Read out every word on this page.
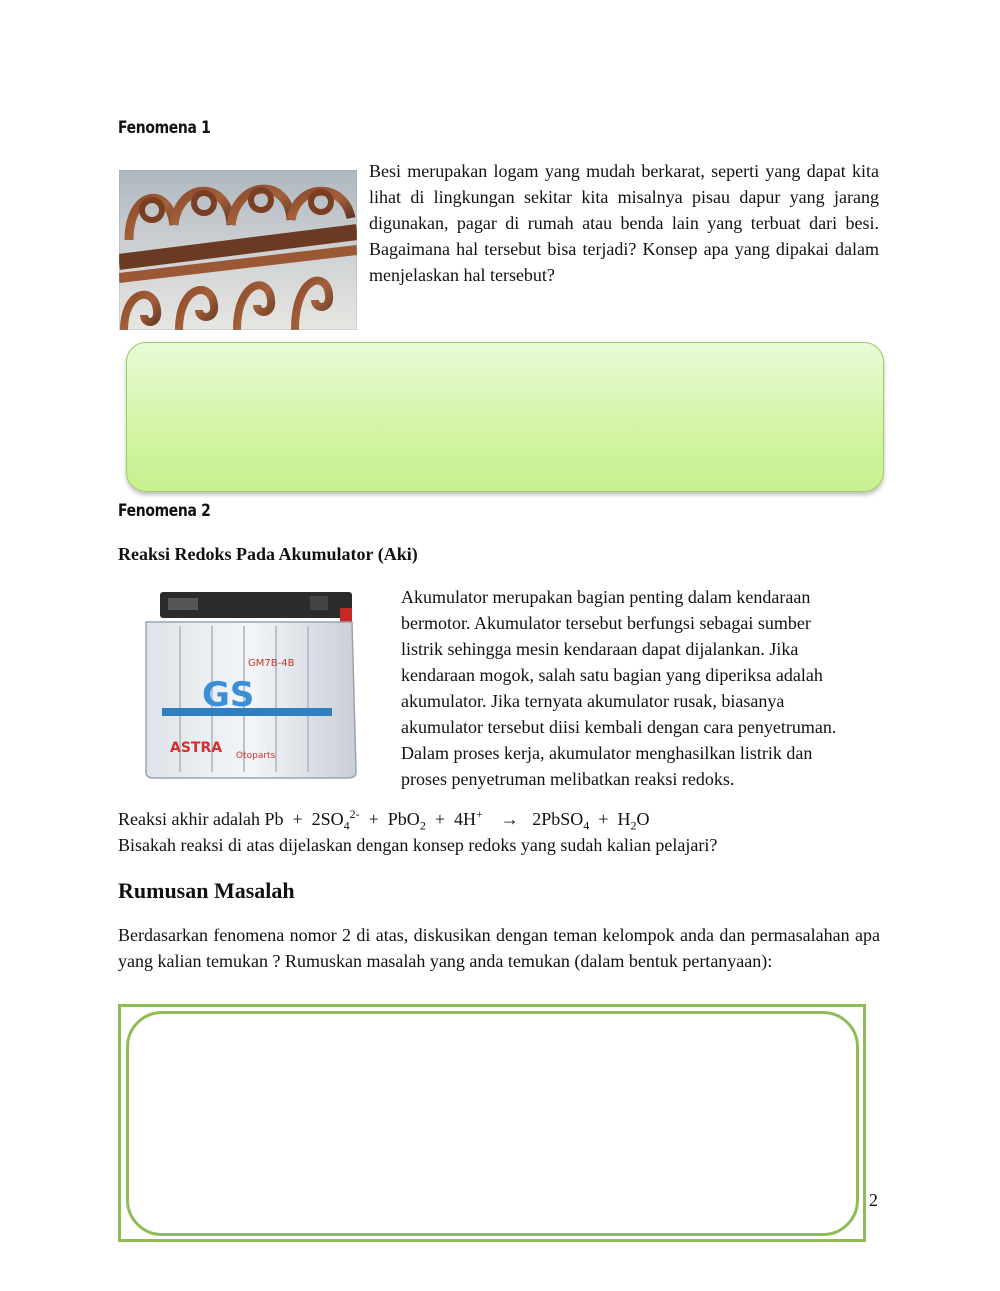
Fenomena 1
Besi merupakan logam yang mudah berkarat, seperti yang dapat kita lihat di lingkungan sekitar kita misalnya pisau dapur yang jarang digunakan, pagar di rumah atau benda lain yang terbuat dari besi. Bagaimana hal tersebut bisa terjadi? Konsep apa yang dipakai dalam menjelaskan hal tersebut?
Fenomena 2
Reaksi Redoks Pada Akumulator (Aki)
GS
GM7B-4B
ASTRA Otoparts
Akumulator merupakan bagian penting dalam kendaraan
bermotor. Akumulator tersebut berfungsi sebagai sumber
listrik sehingga mesin kendaraan dapat dijalankan. Jika
kendaraan mogok, salah satu bagian yang diperiksa adalah
akumulator. Jika ternyata akumulator rusak, biasanya
akumulator tersebut diisi kembali dengan cara penyetruman.
Dalam proses kerja, akumulator menghasilkan listrik dan
proses penyetruman melibatkan reaksi redoks.
Reaksi akhir adalah $Pb + 2SO_4^{2-} + PbO_2 + 4H^+$ → 2PbSO$_4$ + $H_2O$
Bisakah reaksi di atas dijelaskan dengan konsep redoks yang sudah kalian pelajari?
Rumusan Masalah
Berdasarkan fenomena nomor 2 di atas, diskusikan dengan teman kelompok anda dan permasalahan apa yang kalian temukan ? Rumuskan masalah yang anda temukan (dalam bentuk pertanyaan):
2
